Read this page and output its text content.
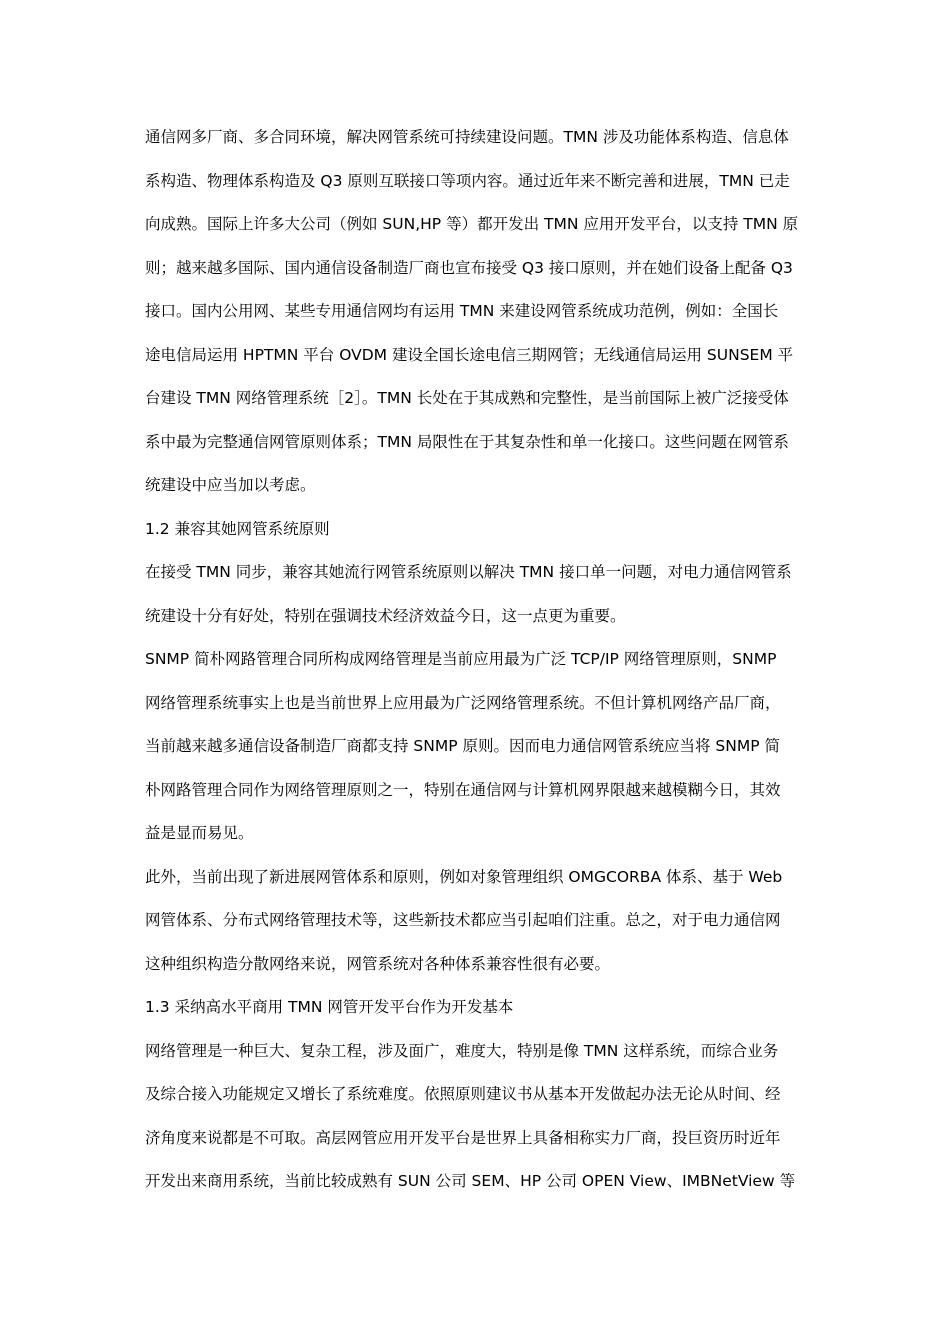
通信网多厂商、多合同环境，解决网管系统可持续建设问题。TMN 涉及功能体系构造、信息体
系构造、物理体系构造及 Q3 原则互联接口等项内容。通过近年来不断完善和进展，TMN 已走
向成熟。国际上许多大公司（例如 SUN,HP 等）都开发出 TMN 应用开发平台，以支持 TMN 原
则；越来越多国际、国内通信设备制造厂商也宣布接受 Q3 接口原则，并在她们设备上配备 Q3
接口。国内公用网、某些专用通信网均有运用 TMN 来建设网管系统成功范例，例如：全国长
途电信局运用 HPTMN 平台 OVDM 建设全国长途电信三期网管；无线通信局运用 SUNSEM 平
台建设 TMN 网络管理系统［2］。TMN 长处在于其成熟和完整性，是当前国际上被广泛接受体
系中最为完整通信网管原则体系；TMN 局限性在于其复杂性和单一化接口。这些问题在网管系
统建设中应当加以考虑。
1.2 兼容其她网管系统原则
在接受 TMN 同步，兼容其她流行网管系统原则以解决 TMN 接口单一问题，对电力通信网管系
统建设十分有好处，特别在强调技术经济效益今日，这一点更为重要。
SNMP 简朴网路管理合同所构成网络管理是当前应用最为广泛 TCP/IP 网络管理原则，SNMP
网络管理系统事实上也是当前世界上应用最为广泛网络管理系统。不但计算机网络产品厂商，
当前越来越多通信设备制造厂商都支持 SNMP 原则。因而电力通信网管系统应当将 SNMP 简
朴网路管理合同作为网络管理原则之一，特别在通信网与计算机网界限越来越模糊今日，其效
益是显而易见。
此外，当前出现了新进展网管体系和原则，例如对象管理组织 OMGCORBA 体系、基于 Web
网管体系、分布式网络管理技术等，这些新技术都应当引起咱们注重。总之，对于电力通信网
这种组织构造分散网络来说，网管系统对各种体系兼容性很有必要。
1.3 采纳高水平商用 TMN 网管开发平台作为开发基本
网络管理是一种巨大、复杂工程，涉及面广，难度大，特别是像 TMN 这样系统，而综合业务
及综合接入功能规定又增长了系统难度。依照原则建议书从基本开发做起办法无论从时间、经
济角度来说都是不可取。高层网管应用开发平台是世界上具备相称实力厂商，投巨资历时近年
开发出来商用系统，当前比较成熟有 SUN 公司 SEM、HP 公司 OPEN View、IMBNetView 等
